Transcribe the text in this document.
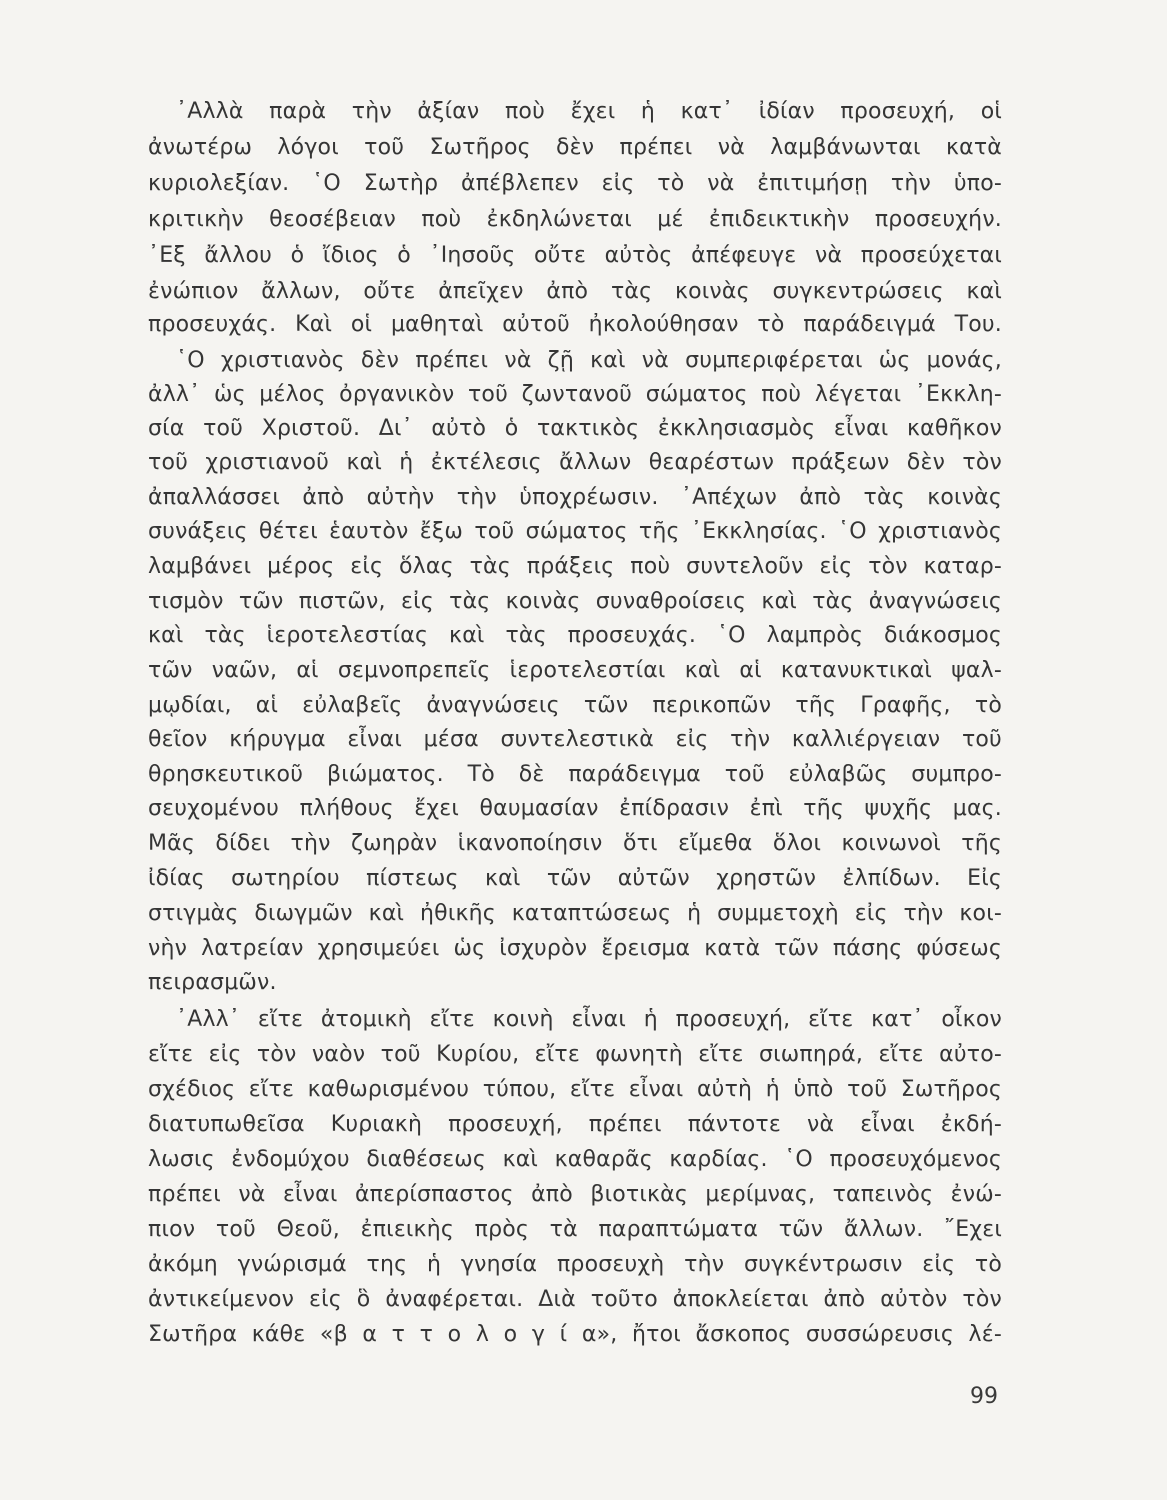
᾿Αλλὰ παρὰ τὴν ἀξίαν ποὺ ἔχει ἡ κατ᾿ ἰδίαν προσευχή, οἱ
ἀνωτέρω λόγοι τοῦ Σωτῆρος δὲν πρέπει νὰ λαμβάνωνται κατὰ
κυριολεξίαν. ῾Ο Σωτὴρ ἀπέβλεπεν εἰς τὸ νὰ ἐπιτιμήσῃ τὴν ὑπο-
κριτικὴν θεοσέβειαν ποὺ ἐκδηλώνεται μέ ἐπιδεικτικὴν προσευχήν.
᾿Εξ ἄλλου ὁ ἴδιος ὁ ᾿Ιησοῦς οὔτε αὐτὸς ἀπέφευγε νὰ προσεύχεται
ἐνώπιον ἄλλων, οὔτε ἀπεῖχεν ἀπὸ τὰς κοινὰς συγκεντρώσεις καὶ
προσευχάς. Καὶ οἱ μαθηταὶ αὐτοῦ ἠκολούθησαν τὸ παράδειγμά Του.
῾Ο χριστιανὸς δὲν πρέπει νὰ ζῇ καὶ νὰ συμπεριφέρεται ὡς μονάς,
ἀλλ᾿ ὡς μέλος ὀργανικὸν τοῦ ζωντανοῦ σώματος ποὺ λέγεται ᾿Εκκλη-
σία τοῦ Χριστοῦ. Δι᾿ αὐτὸ ὁ τακτικὸς ἐκκλησιασμὸς εἶναι καθῆκον
τοῦ χριστιανοῦ καὶ ἡ ἐκτέλεσις ἄλλων θεαρέστων πράξεων δὲν τὸν
ἀπαλλάσσει ἀπὸ αὐτὴν τὴν ὑποχρέωσιν. ᾿Απέχων ἀπὸ τὰς κοινὰς
συνάξεις θέτει ἑαυτὸν ἔξω τοῦ σώματος τῆς ᾿Εκκλησίας. ῾Ο χριστιανὸς
λαμβάνει μέρος εἰς ὅλας τὰς πράξεις ποὺ συντελοῦν εἰς τὸν καταρ-
τισμὸν τῶν πιστῶν, εἰς τὰς κοινὰς συναθροίσεις καὶ τὰς ἀναγνώσεις
καὶ τὰς ἱεροτελεστίας καὶ τὰς προσευχάς. ῾Ο λαμπρὸς διάκοσμος
τῶν ναῶν, αἱ σεμνοπρεπεῖς ἱεροτελεστίαι καὶ αἱ κατανυκτικαὶ ψαλ-
μῳδίαι, αἱ εὐλαβεῖς ἀναγνώσεις τῶν περικοπῶν τῆς Γραφῆς, τὸ
θεῖον κήρυγμα εἶναι μέσα συντελεστικὰ εἰς τὴν καλλιέργειαν τοῦ
θρησκευτικοῦ βιώματος. Τὸ δὲ παράδειγμα τοῦ εὐλαβῶς συμπρο-
σευχομένου πλήθους ἔχει θαυμασίαν ἐπίδρασιν ἐπὶ τῆς ψυχῆς μας.
Μᾶς δίδει τὴν ζωηρὰν ἱκανοποίησιν ὅτι εἴμεθα ὅλοι κοινωνοὶ τῆς
ἰδίας σωτηρίου πίστεως καὶ τῶν αὐτῶν χρηστῶν ἐλπίδων. Εἰς
στιγμὰς διωγμῶν καὶ ἠθικῆς καταπτώσεως ἡ συμμετοχὴ εἰς τὴν κοι-
νὴν λατρείαν χρησιμεύει ὡς ἰσχυρὸν ἔρεισμα κατὰ τῶν πάσης φύσεως
πειρασμῶν.
᾿Αλλ᾿ εἴτε ἀτομικὴ εἴτε κοινὴ εἶναι ἡ προσευχή, εἴτε κατ᾿ οἶκον
εἴτε εἰς τὸν ναὸν τοῦ Κυρίου, εἴτε φωνητὴ εἴτε σιωπηρά, εἴτε αὐτο-
σχέδιος εἴτε καθωρισμένου τύπου, εἴτε εἶναι αὐτὴ ἡ ὑπὸ τοῦ Σωτῆρος
διατυπωθεῖσα Κυριακὴ προσευχή, πρέπει πάντοτε νὰ εἶναι ἐκδή-
λωσις ἐνδομύχου διαθέσεως καὶ καθαρᾶς καρδίας. ῾Ο προσευχόμενος
πρέπει νὰ εἶναι ἀπερίσπαστος ἀπὸ βιοτικὰς μερίμνας, ταπεινὸς ἐνώ-
πιον τοῦ Θεοῦ, ἐπιεικὴς πρὸς τὰ παραπτώματα τῶν ἄλλων. ῎Εχει
ἀκόμη γνώρισμά της ἡ γνησία προσευχὴ τὴν συγκέντρωσιν εἰς τὸ
ἀντικείμενον εἰς ὃ ἀναφέρεται. Διὰ τοῦτο ἀποκλείεται ἀπὸ αὐτὸν τὸν
Σωτῆρα κάθε «β α τ τ ο λ ο γ ί α», ἤτοι ἄσκοπος συσσώρευσις λέ-
99
